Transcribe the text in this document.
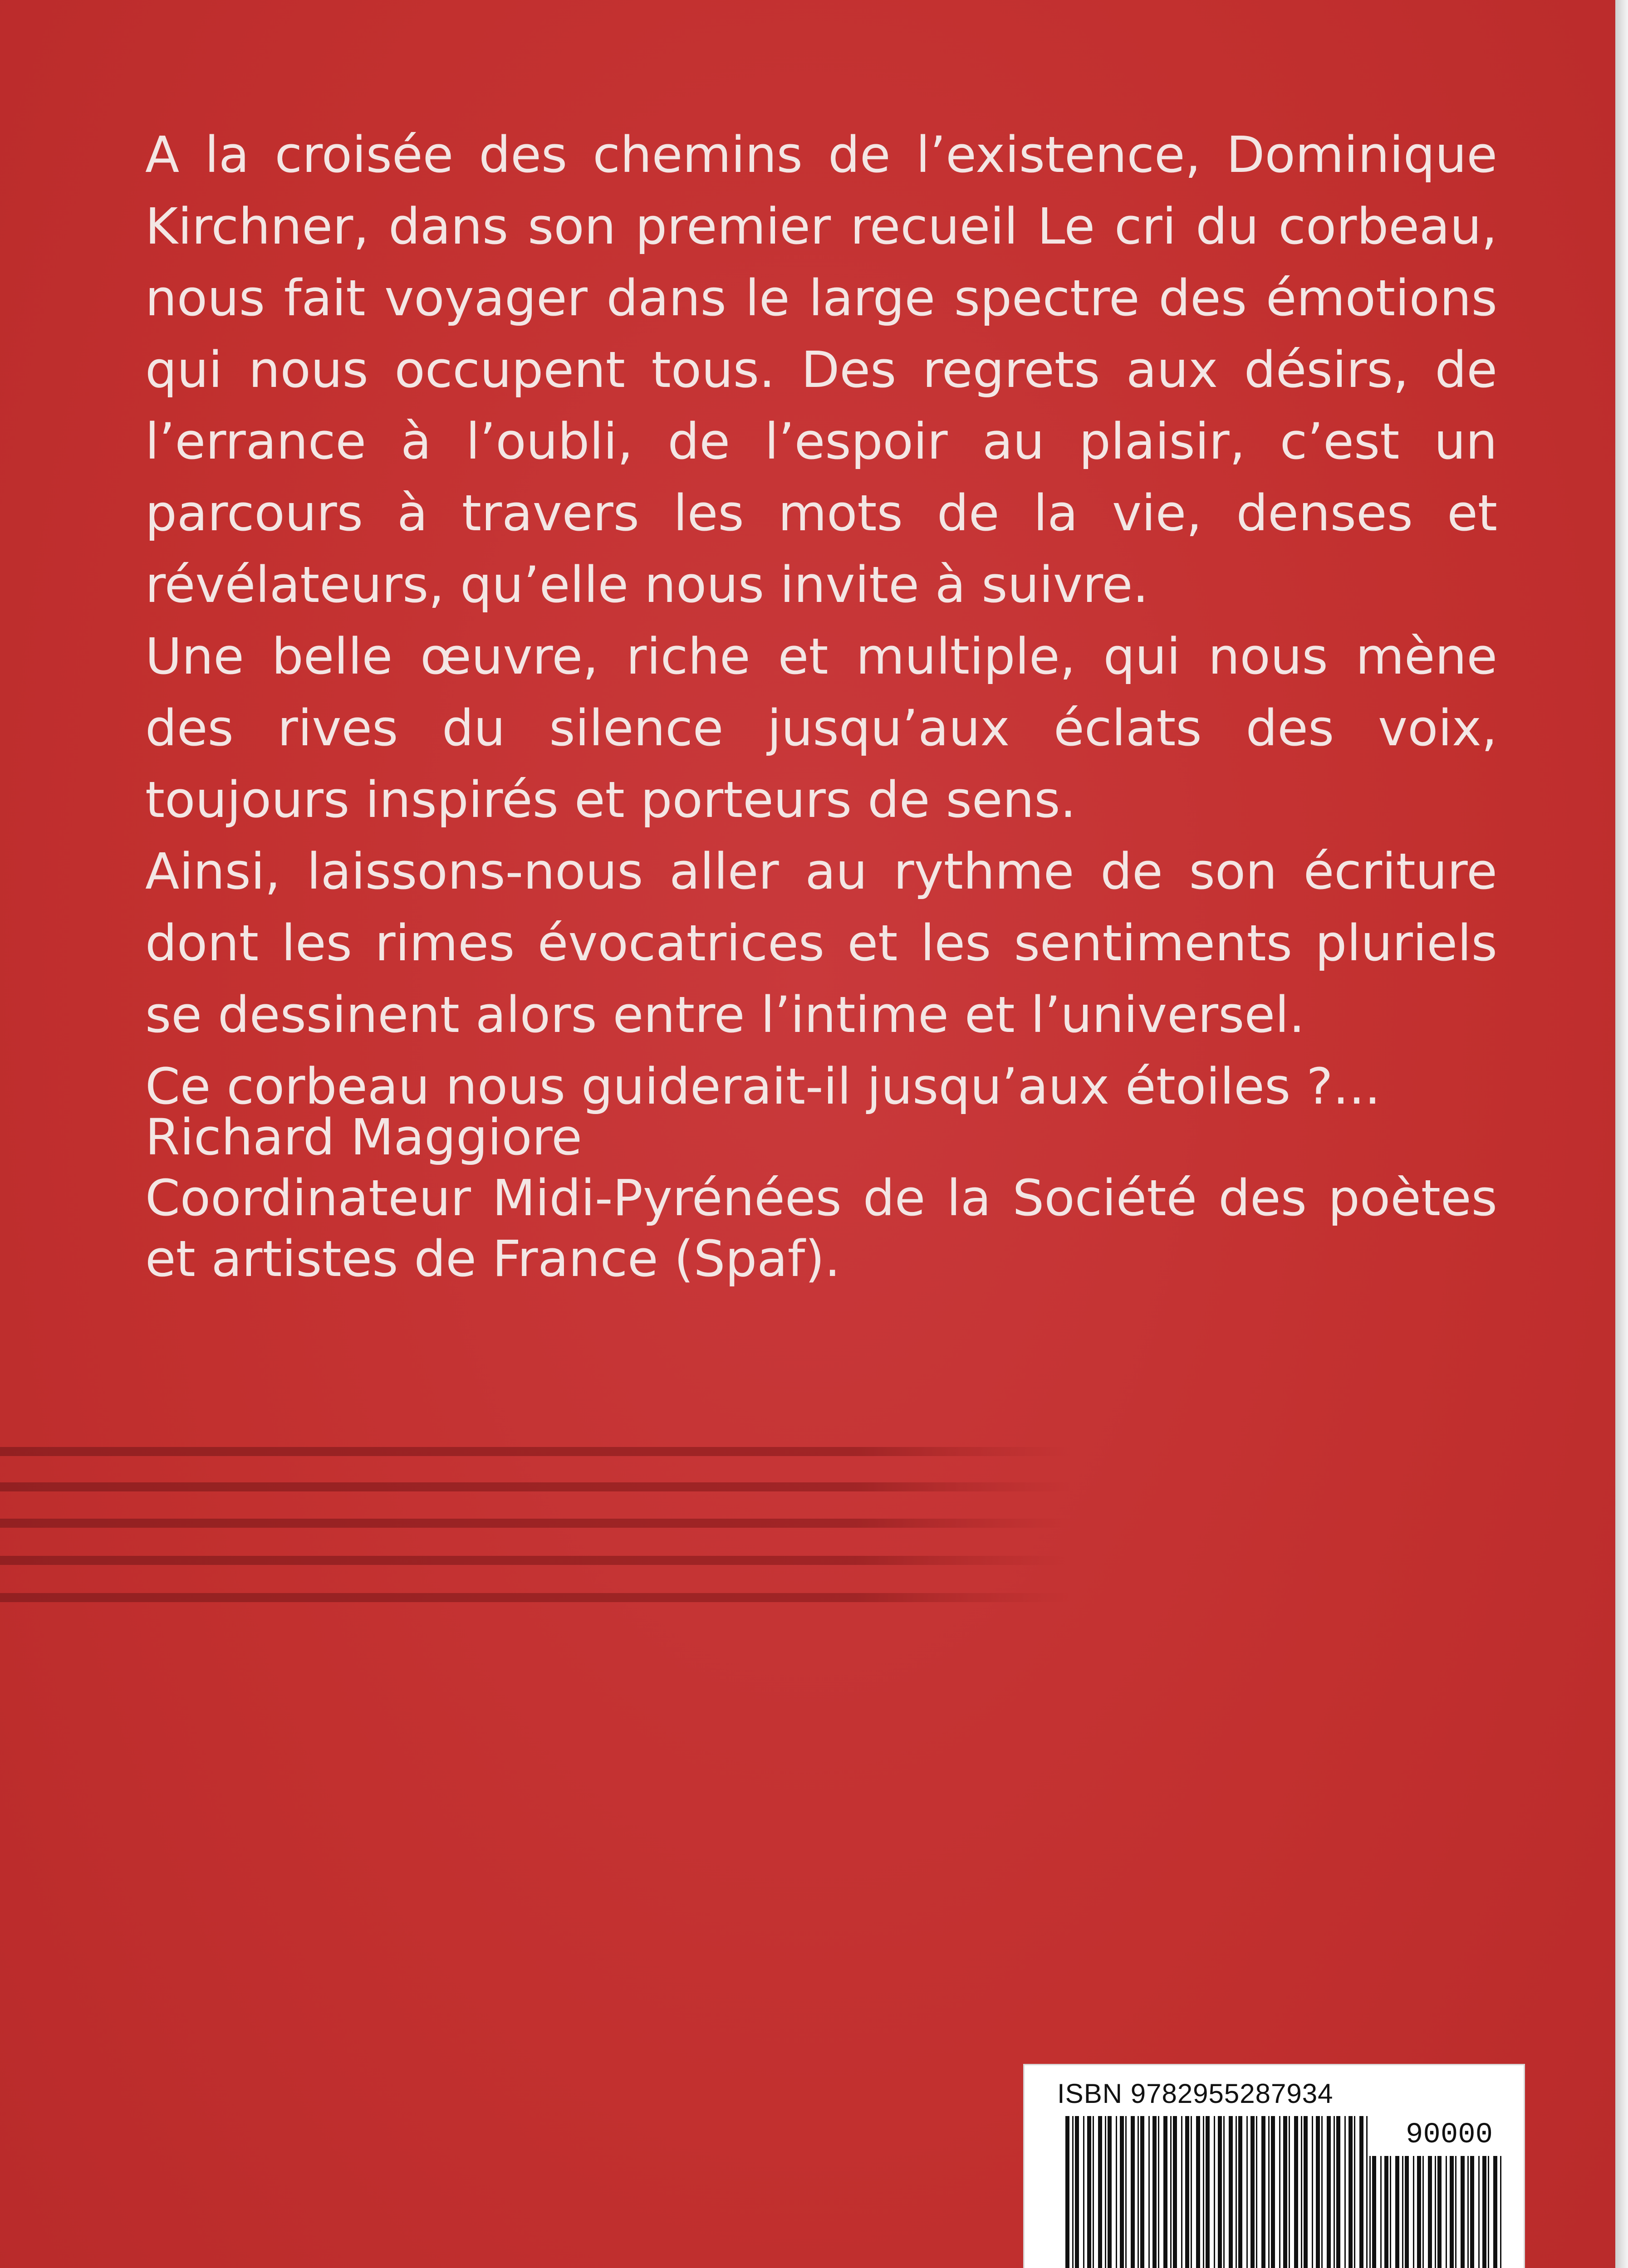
A la croisée des chemins de l’existence, Dominique Kirchner, dans son premier recueil Le cri du corbeau, nous fait voyager dans le large spectre des émotions qui nous occupent tous. Des regrets aux désirs, de l’errance à l’oubli, de l’espoir au plaisir, c’est un parcours à travers les mots de la vie, denses et révélateurs, qu’elle nous invite à suivre.

Une belle œuvre, riche et multiple, qui nous mène des rives du silence jusqu’aux éclats des voix, toujours inspirés et porteurs de sens.

Ainsi, laissons-nous aller au rythme de son écriture dont les rimes évocatrices et les sentiments pluriels se dessinent alors entre l’intime et l’universel.

Ce corbeau nous guiderait-il jusqu’aux étoiles ?...

Richard Maggiore
Coordinateur Midi-Pyrénées de la Société des poètes et artistes de France (Spaf).
ISBN 9782955287934
90000
